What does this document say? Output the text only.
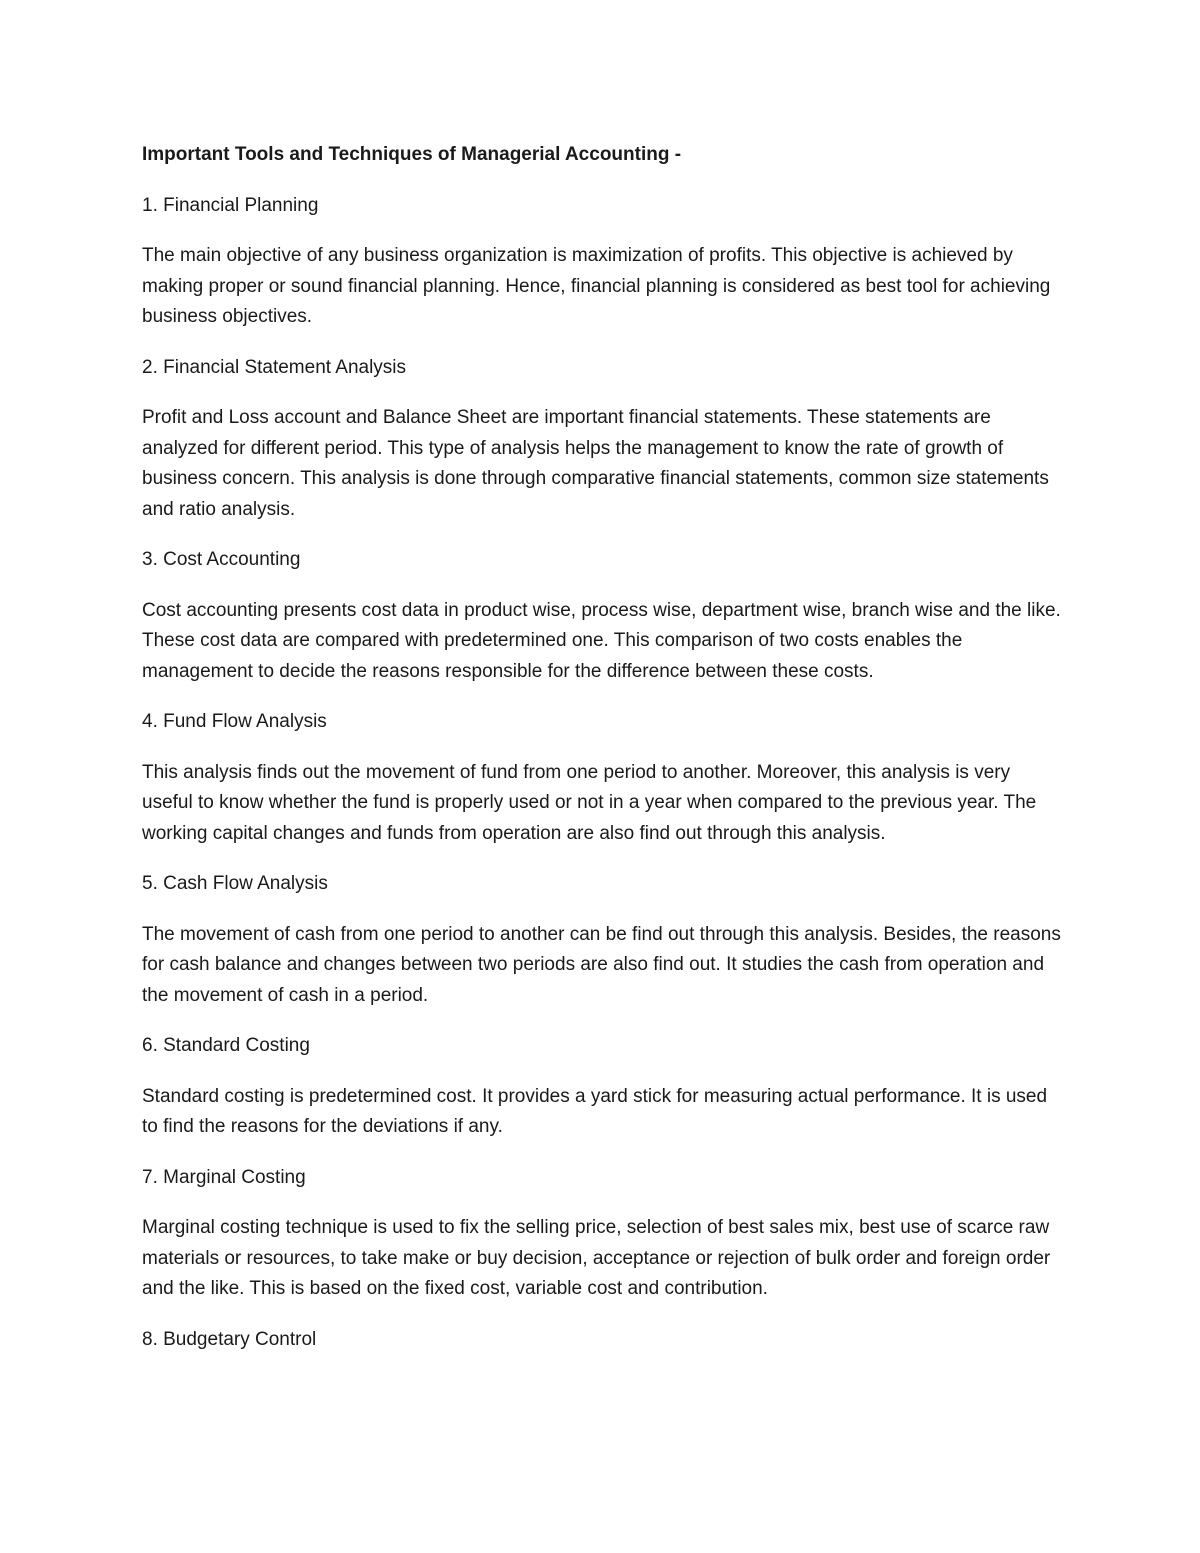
Important Tools and Techniques of Managerial Accounting -

1. Financial Planning

The main objective of any business organization is maximization of profits. This objective is achieved by making proper or sound financial planning. Hence, financial planning is considered as best tool for achieving business objectives.

2. Financial Statement Analysis

Profit and Loss account and Balance Sheet are important financial statements. These statements are analyzed for different period. This type of analysis helps the management to know the rate of growth of business concern. This analysis is done through comparative financial statements, common size statements and ratio analysis.

3. Cost Accounting

Cost accounting presents cost data in product wise, process wise, department wise, branch wise and the like. These cost data are compared with predetermined one. This comparison of two costs enables the management to decide the reasons responsible for the difference between these costs.

4. Fund Flow Analysis

This analysis finds out the movement of fund from one period to another. Moreover, this analysis is very useful to know whether the fund is properly used or not in a year when compared to the previous year. The working capital changes and funds from operation are also find out through this analysis.

5. Cash Flow Analysis

The movement of cash from one period to another can be find out through this analysis. Besides, the reasons for cash balance and changes between two periods are also find out. It studies the cash from operation and the movement of cash in a period.

6. Standard Costing

Standard costing is predetermined cost. It provides a yard stick for measuring actual performance. It is used to find the reasons for the deviations if any.

7. Marginal Costing

Marginal costing technique is used to fix the selling price, selection of best sales mix, best use of scarce raw materials or resources, to take make or buy decision, acceptance or rejection of bulk order and foreign order and the like. This is based on the fixed cost, variable cost and contribution.

8. Budgetary Control
